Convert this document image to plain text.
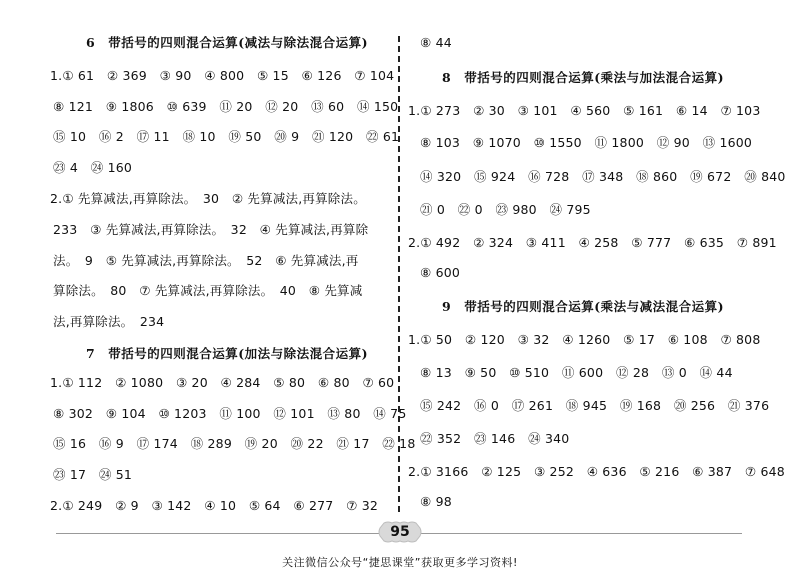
6　带括号的四则混合运算(减法与除法混合运算)
1.① 61　② 369　③ 90　④ 800　⑤ 15　⑥ 126　⑦ 104
⑧ 121　⑨ 1806　⑩ 639　⑪ 20　⑫ 20　⑬ 60　⑭ 150
⑮ 10　⑯ 2　⑰ 11　⑱ 10　⑲ 50　⑳ 9　㉑ 120　㉒ 61
㉓ 4　㉔ 160
2.① 先算减法,再算除法。　30　② 先算减法,再算除法。
233　③ 先算减法,再算除法。　32　④ 先算减法,再算除
法。　9　⑤ 先算减法,再算除法。　52　⑥ 先算减法,再
算除法。　80　⑦ 先算减法,再算除法。　40　⑧ 先算减
法,再算除法。　234
7　带括号的四则混合运算(加法与除法混合运算)
1.① 112　② 1080　③ 20　④ 284　⑤ 80　⑥ 80　⑦ 60
⑧ 302　⑨ 104　⑩ 1203　⑪ 100　⑫ 101　⑬ 80　⑭ 75
⑮ 16　⑯ 9　⑰ 174　⑱ 289　⑲ 20　⑳ 22　㉑ 17　㉒ 18
㉓ 17　㉔ 51
2.① 249　② 9　③ 142　④ 10　⑤ 64　⑥ 277　⑦ 32
⑧ 44
8　带括号的四则混合运算(乘法与加法混合运算)
1.① 273　② 30　③ 101　④ 560　⑤ 161　⑥ 14　⑦ 103
⑧ 103　⑨ 1070　⑩ 1550　⑪ 1800　⑫ 90　⑬ 1600
⑭ 320　⑮ 924　⑯ 728　⑰ 348　⑱ 860　⑲ 672　⑳ 840
㉑ 0　㉒ 0　㉓ 980　㉔ 795
2.① 492　② 324　③ 411　④ 258　⑤ 777　⑥ 635　⑦ 891
⑧ 600
9　带括号的四则混合运算(乘法与减法混合运算)
1.① 50　② 120　③ 32　④ 1260　⑤ 17　⑥ 108　⑦ 808
⑧ 13　⑨ 50　⑩ 510　⑪ 600　⑫ 28　⑬ 0　⑭ 44
⑮ 242　⑯ 0　⑰ 261　⑱ 945　⑲ 168　⑳ 256　㉑ 376
㉒ 352　㉓ 146　㉔ 340
2.① 3166　② 125　③ 252　④ 636　⑤ 216　⑥ 387　⑦ 648
⑧ 98
95
关注微信公众号“捷思课堂”获取更多学习资料!
